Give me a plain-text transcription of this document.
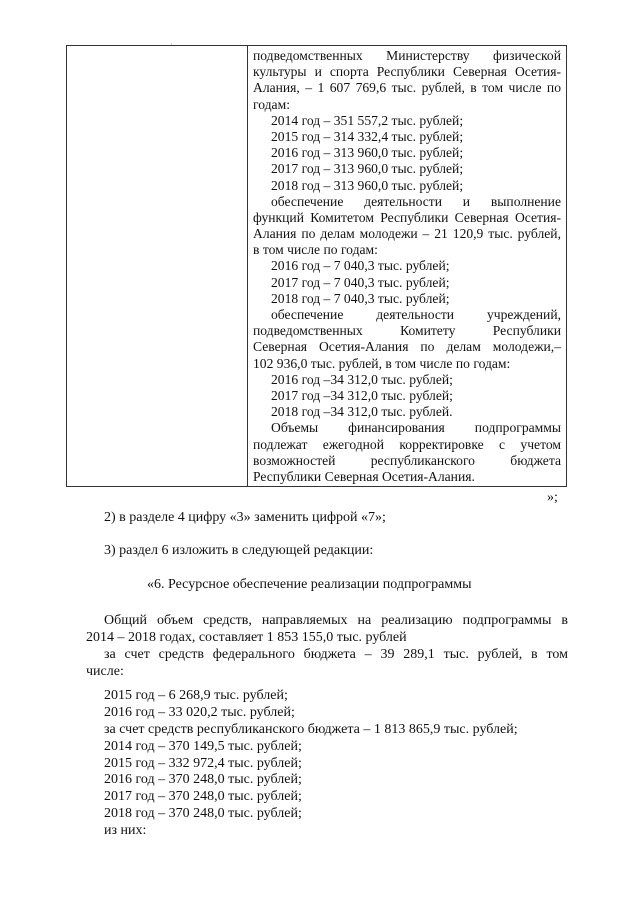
·
подведомственных Министерству физической
культуры и спорта Республики Северная Осетия-
Алания, – 1 607 769,6 тыс. рублей, в том числе по
годам:
2014 год – 351 557,2 тыс. рублей;
2015 год – 314 332,4 тыс. рублей;
2016 год – 313 960,0 тыс. рублей;
2017 год – 313 960,0 тыс. рублей;
2018 год – 313 960,0 тыс. рублей;
обеспечение деятельности и выполнение
функций Комитетом Республики Северная Осетия-
Алания по делам молодежи – 21 120,9 тыс. рублей,
в том числе по годам:
2016 год – 7 040,3 тыс. рублей;
2017 год – 7 040,3 тыс. рублей;
2018 год – 7 040,3 тыс. рублей;
обеспечение деятельности учреждений,
подведомственных Комитету Республики
Северная Осетия-Алания по делам молодежи,–
102 936,0 тыс. рублей, в том числе по годам:
2016 год –34 312,0 тыс. рублей;
2017 год –34 312,0 тыс. рублей;
2018 год –34 312,0 тыс. рублей.
Объемы финансирования подпрограммы
подлежат ежегодной корректировке с учетом
возможностей республиканского бюджета
Республики Северная Осетия-Алания.
»;
2) в разделе 4 цифру «3» заменить цифрой «7»;
3) раздел 6 изложить в следующей редакции:
«6. Ресурсное обеспечение реализации подпрограммы
Общий объем средств, направляемых на реализацию подпрограммы в
2014 – 2018 годах, составляет 1 853 155,0 тыс. рублей
за счет средств федерального бюджета – 39 289,1 тыс. рублей, в том
числе:
2015 год – 6 268,9 тыс. рублей;
2016 год – 33 020,2 тыс. рублей;
за счет средств республиканского бюджета – 1 813 865,9 тыс. рублей;
2014 год – 370 149,5 тыс. рублей;
2015 год – 332 972,4 тыс. рублей;
2016 год – 370 248,0 тыс. рублей;
2017 год – 370 248,0 тыс. рублей;
2018 год – 370 248,0 тыс. рублей;
из них:
